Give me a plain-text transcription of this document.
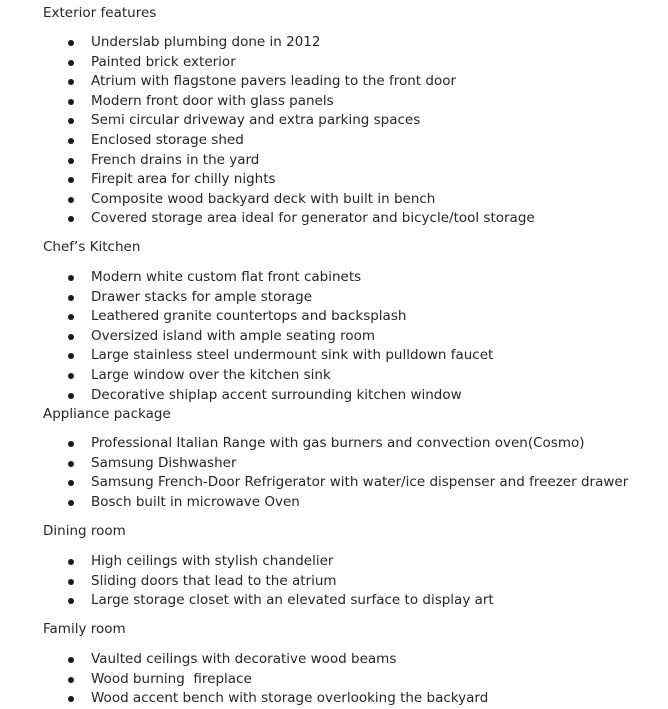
Exterior features
Underslab plumbing done in 2012
Painted brick exterior
Atrium with flagstone pavers leading to the front door
Modern front door with glass panels
Semi circular driveway and extra parking spaces
Enclosed storage shed
French drains in the yard
Firepit area for chilly nights
Composite wood backyard deck with built in bench
Covered storage area ideal for generator and bicycle/tool storage
Chef’s Kitchen
Modern white custom flat front cabinets
Drawer stacks for ample storage
Leathered granite countertops and backsplash
Oversized island with ample seating room
Large stainless steel undermount sink with pulldown faucet
Large window over the kitchen sink
Decorative shiplap accent surrounding kitchen window
Appliance package
Professional Italian Range with gas burners and convection oven(Cosmo)
Samsung Dishwasher
Samsung French-Door Refrigerator with water/ice dispenser and freezer drawer
Bosch built in microwave Oven
Dining room
High ceilings with stylish chandelier
Sliding doors that lead to the atrium
Large storage closet with an elevated surface to display art
Family room
Vaulted ceilings with decorative wood beams
Wood burning  fireplace
Wood accent bench with storage overlooking the backyard
